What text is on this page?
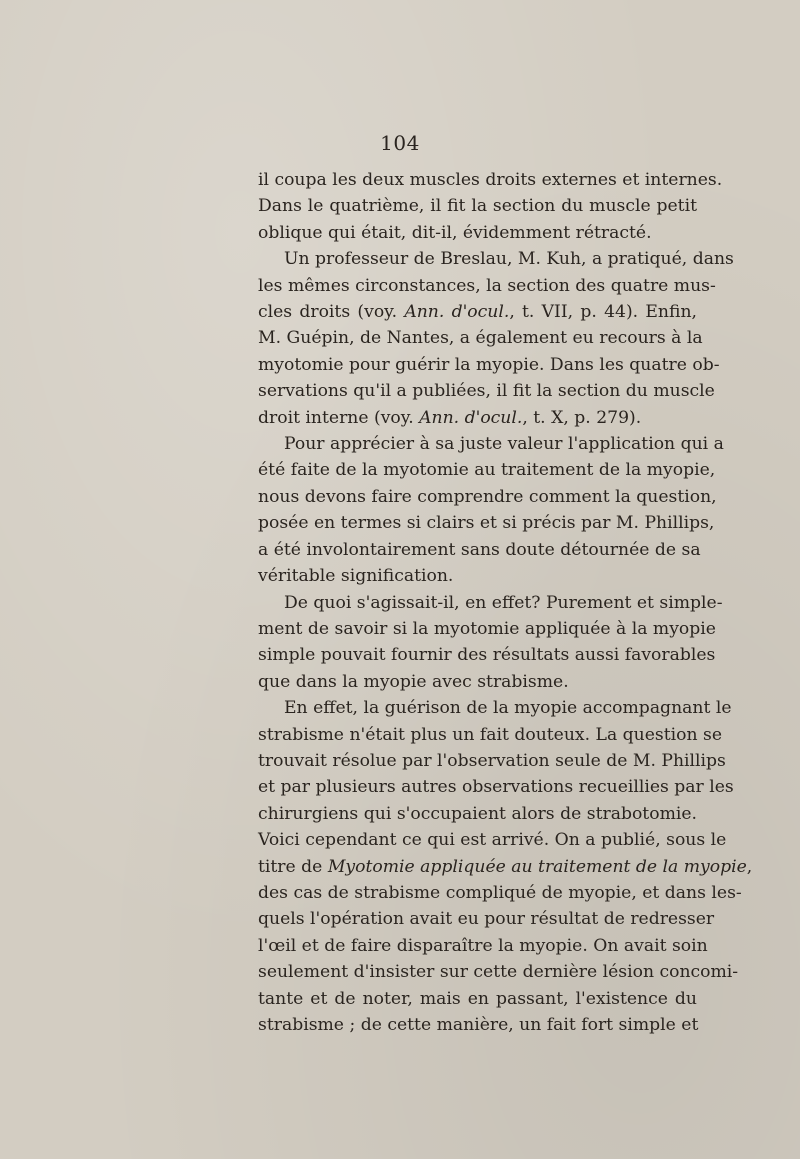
104
il coupa les deux muscles droits externes et internes.
Dans le quatrième, il fit la section du muscle petit
oblique qui était, dit-il, évidemment rétracté.
Un professeur de Breslau, M. Kuh, a pratiqué, dans
les mêmes circonstances, la section des quatre mus-
cles droits (voy. Ann. d'ocul., t. VII, p. 44). Enfin,
M. Guépin, de Nantes, a également eu recours à la
myotomie pour guérir la myopie. Dans les quatre ob-
servations qu'il a publiées, il fit la section du muscle
droit interne (voy. Ann. d'ocul., t. X, p. 279).
Pour apprécier à sa juste valeur l'application qui a
été faite de la myotomie au traitement de la myopie,
nous devons faire comprendre comment la question,
posée en termes si clairs et si précis par M. Phillips,
a été involontairement sans doute détournée de sa
véritable signification.
De quoi s'agissait-il, en effet? Purement et simple-
ment de savoir si la myotomie appliquée à la myopie
simple pouvait fournir des résultats aussi favorables
que dans la myopie avec strabisme.
En effet, la guérison de la myopie accompagnant le
strabisme n'était plus un fait douteux. La question se
trouvait résolue par l'observation seule de M. Phillips
et par plusieurs autres observations recueillies par les
chirurgiens qui s'occupaient alors de strabotomie.
Voici cependant ce qui est arrivé. On a publié, sous le
titre de Myotomie appliquée au traitement de la myopie,
des cas de strabisme compliqué de myopie, et dans les-
quels l'opération avait eu pour résultat de redresser
l'œil et de faire disparaître la myopie. On avait soin
seulement d'insister sur cette dernière lésion concomi-
tante et de noter, mais en passant, l'existence du
strabisme ; de cette manière, un fait fort simple et
